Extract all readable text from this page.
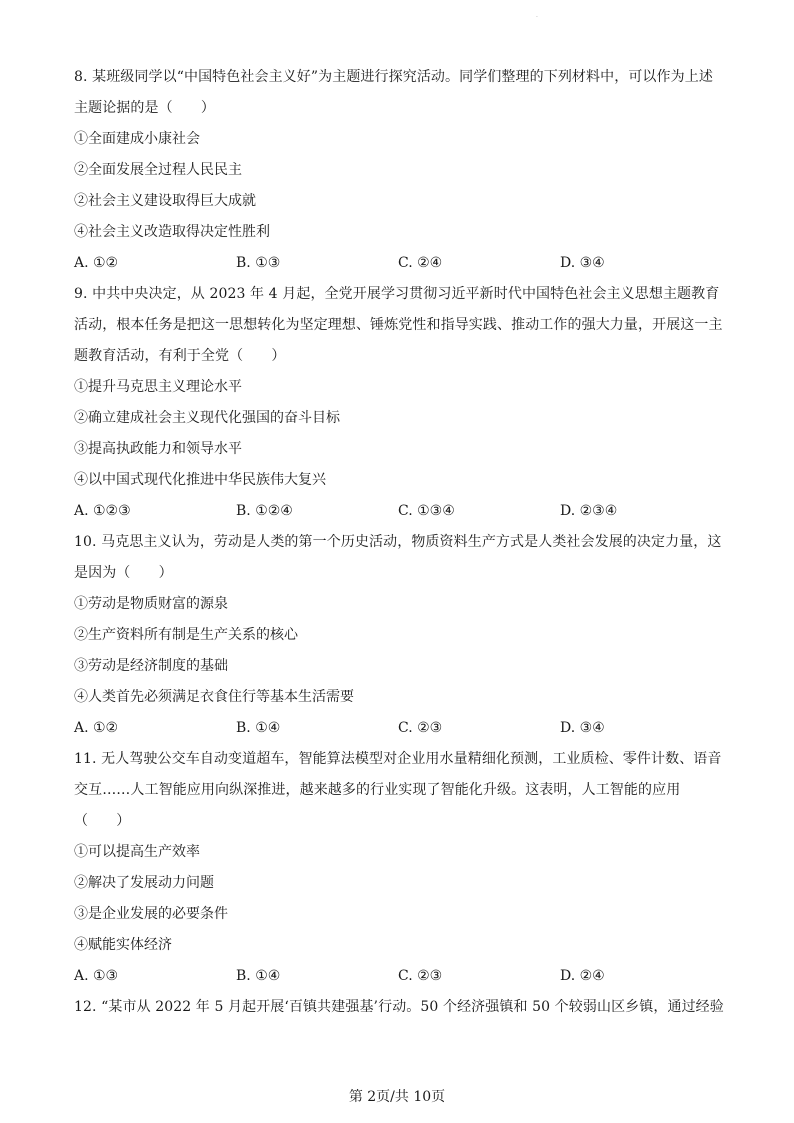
·

8. 某班级同学以“中国特色社会主义好”为主题进行探究活动。同学们整理的下列材料中，可以作为上述主题论据的是（　　）

①全面建成小康社会

②全面发展全过程人民民主

②社会主义建设取得巨大成就

④社会主义改造取得决定性胜利

A. ①②	B. ①③	C. ②④	D. ③④

9. 中共中央决定，从 2023 年 4 月起，全党开展学习贯彻习近平新时代中国特色社会主义思想主题教育活动，根本任务是把这一思想转化为坚定理想、锤炼党性和指导实践、推动工作的强大力量，开展这一主题教育活动，有利于全党（　　）

①提升马克思主义理论水平

②确立建成社会主义现代化强国的奋斗目标

③提高执政能力和领导水平

④以中国式现代化推进中华民族伟大复兴

A. ①②③	B. ①②④	C. ①③④	D. ②③④

10. 马克思主义认为，劳动是人类的第一个历史活动，物质资料生产方式是人类社会发展的决定力量，这是因为（　　）

①劳动是物质财富的源泉

②生产资料所有制是生产关系的核心

③劳动是经济制度的基础

④人类首先必须满足衣食住行等基本生活需要

A. ①②	B. ①④	C. ②③	D. ③④

11. 无人驾驶公交车自动变道超车，智能算法模型对企业用水量精细化预测，工业质检、零件计数、语音交互……人工智能应用向纵深推进，越来越多的行业实现了智能化升级。这表明，人工智能的应用（　　）

①可以提高生产效率

②解决了发展动力问题

③是企业发展的必要条件

④赋能实体经济

A. ①③	B. ①④	C. ②③	D. ②④

12. “某市从 2022 年 5 月起开展‘百镇共建强基’行动。50 个经济强镇和 50 个较弱山区乡镇，通过经验

第 2页/共 10页
